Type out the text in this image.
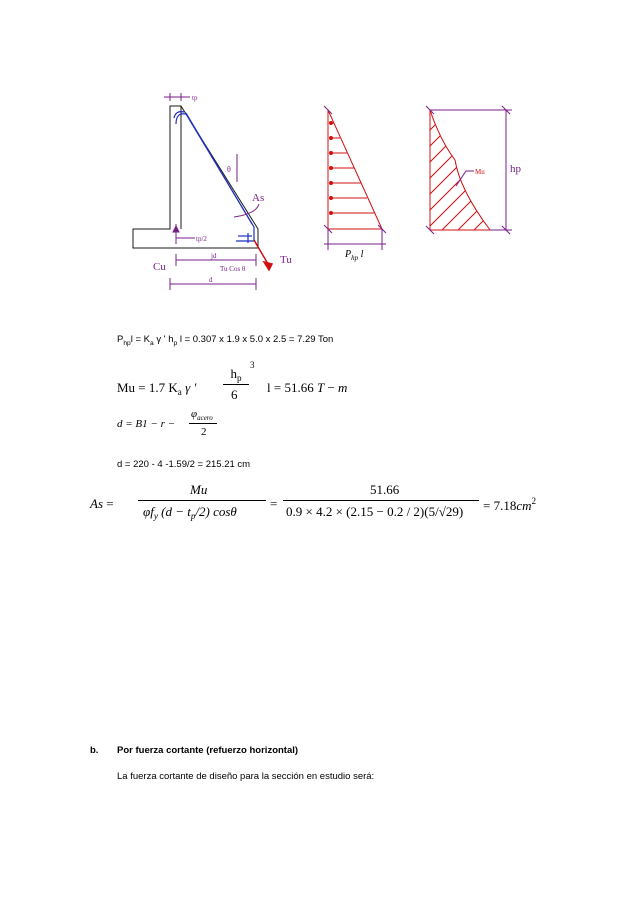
tp
θ
As
tp/2
jd
Cu
Tu
Tu Cos θ
d
$P_{hp}$ l
Mu hp
$P_{hp}l = K_a$ γ ' $h_p$ l = 0.307 x 1.9 x 5.0 x 2.5 = 7.29 Ton
Mu = 1.7 $K_a$ γ '
$h_p$
3
6 l = 51.66 T − m
d = B1 − r −
$\varphi_{acero}$
2
d = 220 - 4 -1.59/2 = 215.21 cm
As =
Mu
$\varphi f_y$ $(d - t_p/2)$ cosθ
=
51.66
$0.9 \times 4.2 \times (2.15 - 0.2 / 2)(5/√29) = 7.18cm^2$
b. Por fuerza cortante (refuerzo horizontal)
La fuerza cortante de diseño para la sección en estudio será:
